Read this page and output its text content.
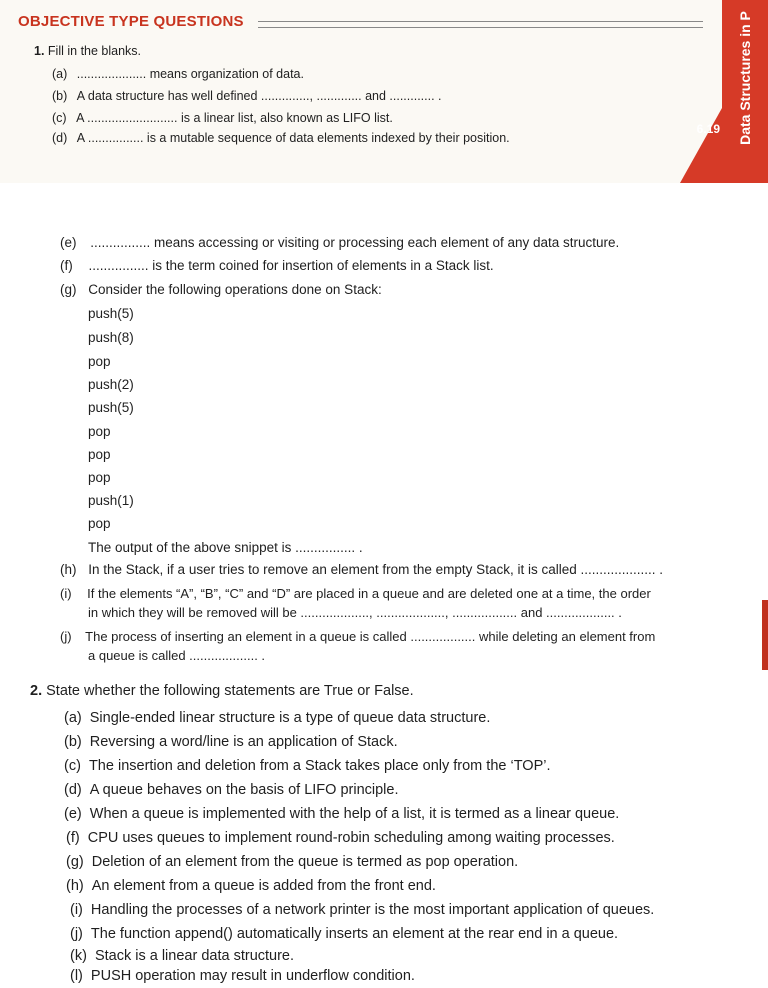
OBJECTIVE TYPE QUESTIONS	Data Structures in P
6.19
1. Fill in the blanks.
(a) .................... means organization of data.
(b) A data structure has well defined .............., ............. and ............. .
(c) A .......................... is a linear list, also known as LIFO list.
(d) A ................ is a mutable sequence of data elements indexed by their position.
(e) ................ means accessing or visiting or processing each element of any data structure.
(f) ................ is the term coined for insertion of elements in a Stack list.
(g) Consider the following operations done on Stack:
push(5)
push(8)
pop
push(2)
push(5)
pop
pop
pop
push(1)
pop
The output of the above snippet is ................ .
(h) In the Stack, if a user tries to remove an element from the empty Stack, it is called .................... .
(i) If the elements “A”, “B”, “C” and “D” are placed in a queue and are deleted one at a time, the order
in which they will be removed will be ..................., ..................., .................. and ................... .
(j) The process of inserting an element in a queue is called .................. while deleting an element from
a queue is called ................... .
2. State whether the following statements are True or False.
(a) Single-ended linear structure is a type of queue data structure.
(b) Reversing a word/line is an application of Stack.
(c) The insertion and deletion from a Stack takes place only from the ‘TOP’.
(d) A queue behaves on the basis of LIFO principle.
(e) When a queue is implemented with the help of a list, it is termed as a linear queue.
(f) CPU uses queues to implement round-robin scheduling among waiting processes.
(g) Deletion of an element from the queue is termed as pop operation.
(h) An element from a queue is added from the front end.
(i) Handling the processes of a network printer is the most important application of queues.
(j) The function append() automatically inserts an element at the rear end in a queue.
(k) Stack is a linear data structure.
(l) PUSH operation may result in underflow condition.
